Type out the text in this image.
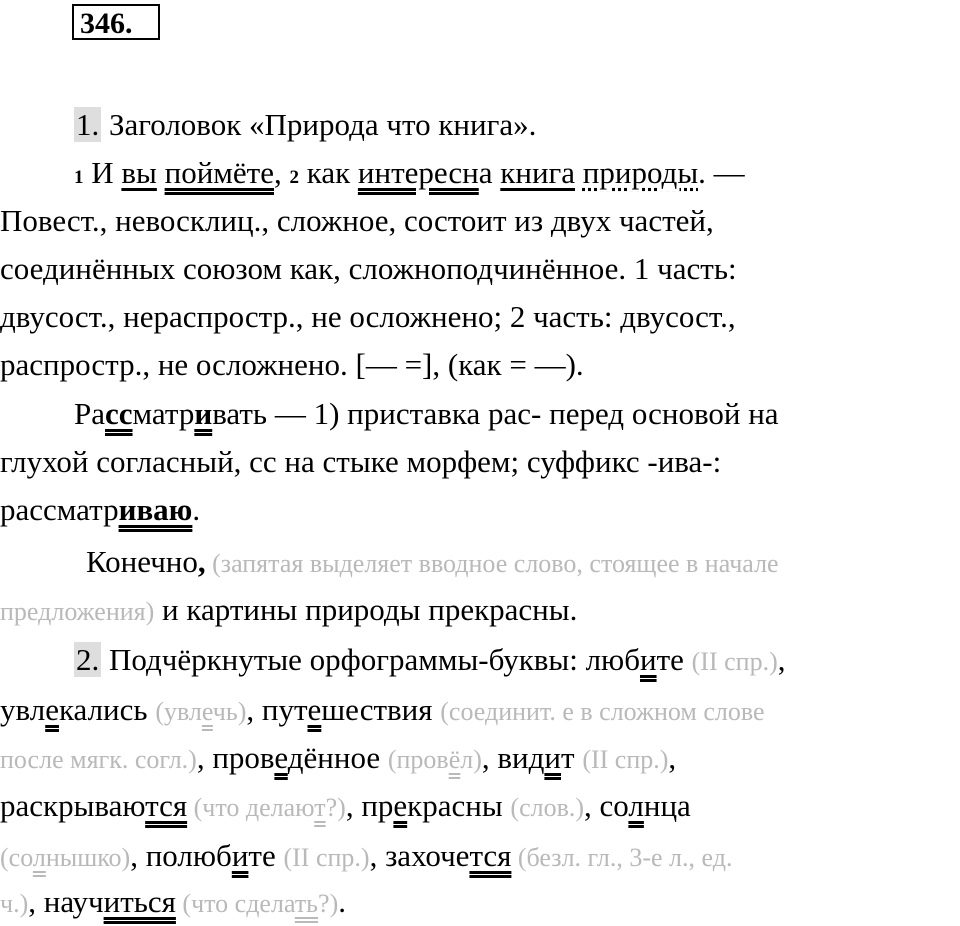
346.
1. Заголовок «Природа что книга».
1 И вы поймёте, 2 как интересна книга природы. —
Повест., невосклиц., сложное, состоит из двух частей,
соединённых союзом как, сложноподчинённое. 1 часть:
двусост., нераспростр., не осложнено; 2 часть: двусост.,
распростр., не осложнено. [— =], (как = —).
Рассматривать — 1) приставка рас- перед основой на
глухой согласный, сс на стыке морфем; суффикс -ива-:
рассматриваю.
Конечно, (запятая выделяет вводное слово, стоящее в начале
предложения) и картины природы прекрасны.
2. Подчёркнутые орфограммы-буквы: любите (II спр.),
увлекались (увлечь), путешествия (соединит. е в сложном слове
после мягк. согл.), проведённое (провёл), видит (II спр.),
раскрываются (что делают?), прекрасны (слов.), солнца
(солнышко), полюбите (II спр.), захочется (безл. гл., 3-е л., ед.
ч.), научиться (что сделать?).
